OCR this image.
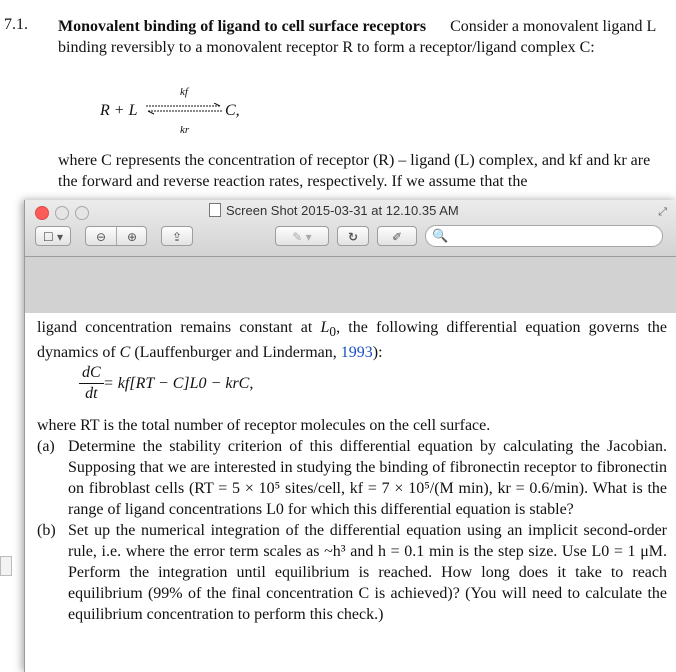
7.1. Monovalent binding of ligand to cell surface receptors Consider a monovalent ligand L binding reversibly to a monovalent receptor R to form a receptor/ligand complex C:
R + L
kf
kr
C,
where C represents the concentration of receptor (R) – ligand (L) complex, and kf and kr are the forward and reverse reaction rates, respectively. If we assume that the
Screen Shot 2015-03-31 at 12.10.35 AM	⤢
☐ ▾	⊖	⊕	⇪	✎ ▾	↻	✐	🔍
ligand concentration remains constant at $L_0$, the following differential equation governs the dynamics of C (Lauffenburger and Linderman, 1993):
$\frac{dC}{dt} = kf[RT - C]L0$ − krC,
where RT is the total number of receptor molecules on the cell surface.
(a) Determine the stability criterion of this differential equation by calculating the Jacobian. Supposing that we are interested in studying the binding of fibronectin receptor to fibronectin on fibroblast cells (RT = 5 × 10⁵ sites/cell, kf = 7 × 10⁵/(M min), kr = 0.6/min). What is the range of ligand concentrations L0 for which this differential equation is stable?
(b) Set up the numerical integration of the differential equation using an implicit second-order rule, i.e. where the error term scales as ~h³ and h = 0.1 min is the step size. Use L0 = 1 μM. Perform the integration until equilibrium is reached. How long does it take to reach equilibrium (99% of the final concentration C is achieved)? (You will need to calculate the equilibrium concentration to perform this check.)
